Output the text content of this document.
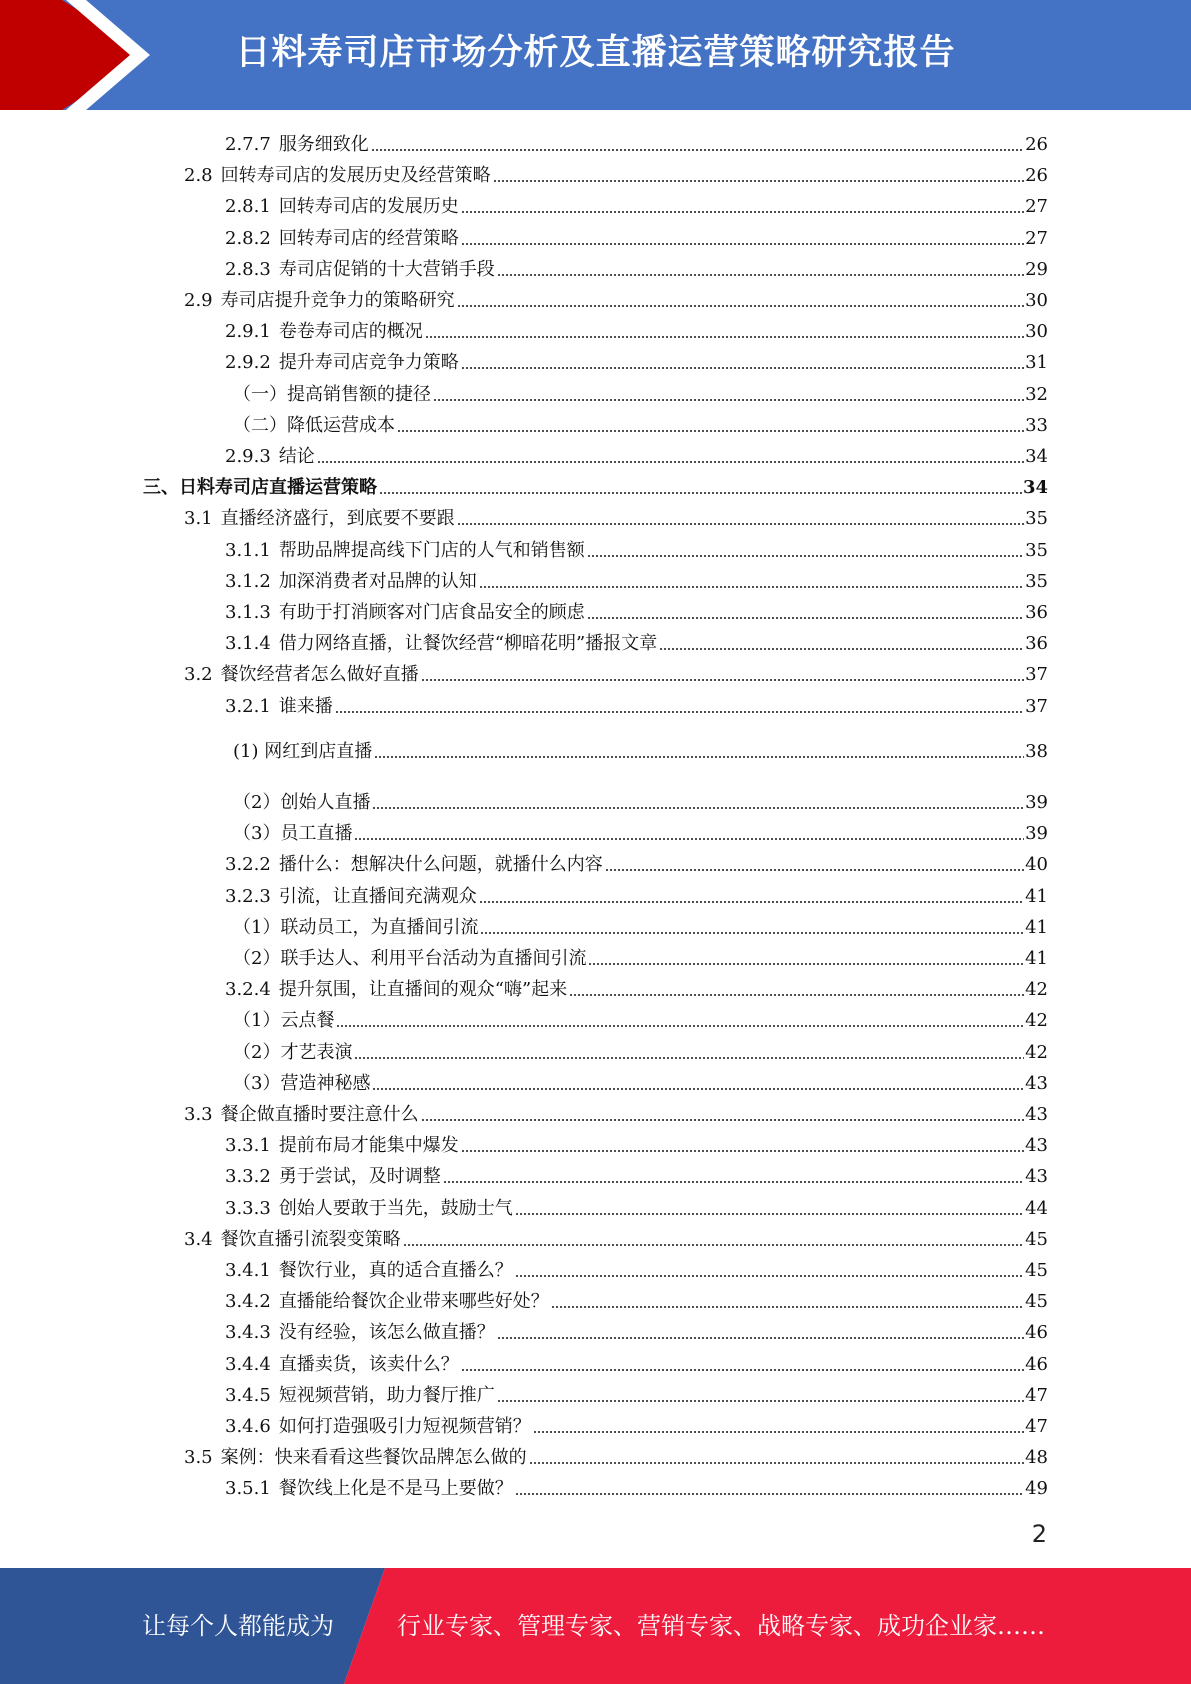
日料寿司店市场分析及直播运营策略研究报告
2.7.7 服务细致化	26
2.8 回转寿司店的发展历史及经营策略	26
2.8.1 回转寿司店的发展历史	27
2.8.2 回转寿司店的经营策略	27
2.8.3 寿司店促销的十大营销手段	29
2.9 寿司店提升竞争力的策略研究	30
2.9.1 卷卷寿司店的概况	30
2.9.2 提升寿司店竞争力策略	31
（一）提高销售额的捷径	32
（二）降低运营成本	33
2.9.3 结论	34
三、日料寿司店直播运营策略	34
3.1 直播经济盛行，到底要不要跟	35
3.1.1 帮助品牌提高线下门店的人气和销售额	35
3.1.2 加深消费者对品牌的认知	35
3.1.3 有助于打消顾客对门店食品安全的顾虑	36
3.1.4 借力网络直播，让餐饮经营“柳暗花明”播报文章	36
3.2 餐饮经营者怎么做好直播	37
3.2.1 谁来播	37
(1) 网红到店直播	38
（2）创始人直播	39
（3）员工直播	39
3.2.2 播什么：想解决什么问题，就播什么内容	40
3.2.3 引流，让直播间充满观众	41
（1）联动员工，为直播间引流	41
（2）联手达人、利用平台活动为直播间引流	41
3.2.4 提升氛围，让直播间的观众“嗨”起来	42
（1）云点餐	42
（2）才艺表演	42
（3）营造神秘感	43
3.3 餐企做直播时要注意什么	43
3.3.1 提前布局才能集中爆发	43
3.3.2 勇于尝试，及时调整	43
3.3.3 创始人要敢于当先，鼓励士气	44
3.4 餐饮直播引流裂变策略	45
3.4.1 餐饮行业，真的适合直播么？	45
3.4.2 直播能给餐饮企业带来哪些好处？	45
3.4.3 没有经验，该怎么做直播？	46
3.4.4 直播卖货，该卖什么？	46
3.4.5 短视频营销，助力餐厅推广	47
3.4.6 如何打造强吸引力短视频营销？	47
3.5 案例：快来看看这些餐饮品牌怎么做的	48
3.5.1 餐饮线上化是不是马上要做？	49
2
让每个人都能成为	行业专家、管理专家、营销专家、战略专家、成功企业家……
